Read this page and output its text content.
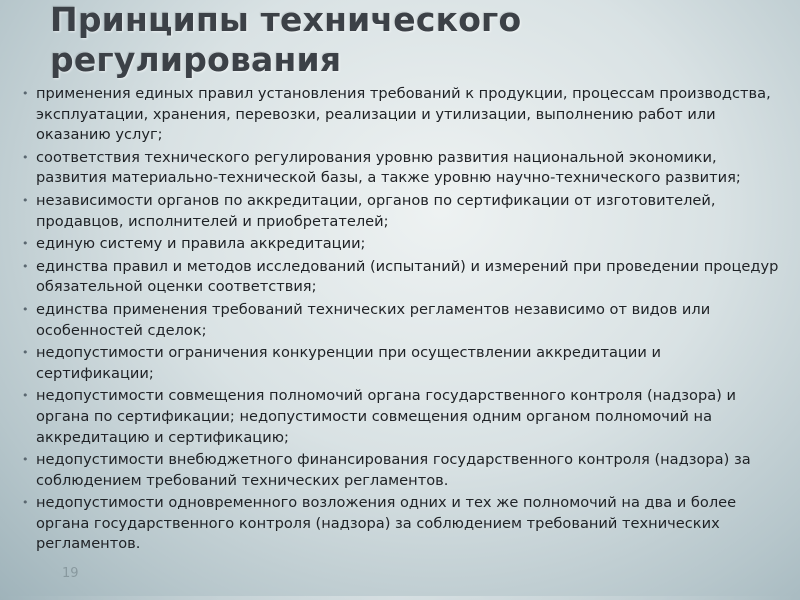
Принципы технического
регулирования
• применения единых правил установления требований к продукции, процессам производства, эксплуатации, хранения, перевозки, реализации и утилизации, выполнению работ или оказанию услуг;
• соответствия технического регулирования уровню развития национальной экономики, развития материально-технической базы, а также уровню научно-технического развития;
• независимости органов по аккредитации, органов по сертификации от изготовителей, продавцов, исполнителей и приобретателей;
• единую систему и правила аккредитации;
• единства правил и методов исследований (испытаний) и измерений при проведении процедур обязательной оценки соответствия;
• единства применения требований технических регламентов независимо от видов или особенностей сделок;
• недопустимости ограничения конкуренции при осуществлении аккредитации и сертификации;
• недопустимости совмещения полномочий органа государственного контроля (надзора) и органа по сертификации; недопустимости совмещения одним органом полномочий на аккредитацию и сертификацию;
• недопустимости внебюджетного финансирования государственного контроля (надзора) за соблюдением требований технических регламентов.
• недопустимости одновременного возложения одних и тех же полномочий на два и более органа государственного контроля (надзора) за соблюдением требований технических регламентов.
19
